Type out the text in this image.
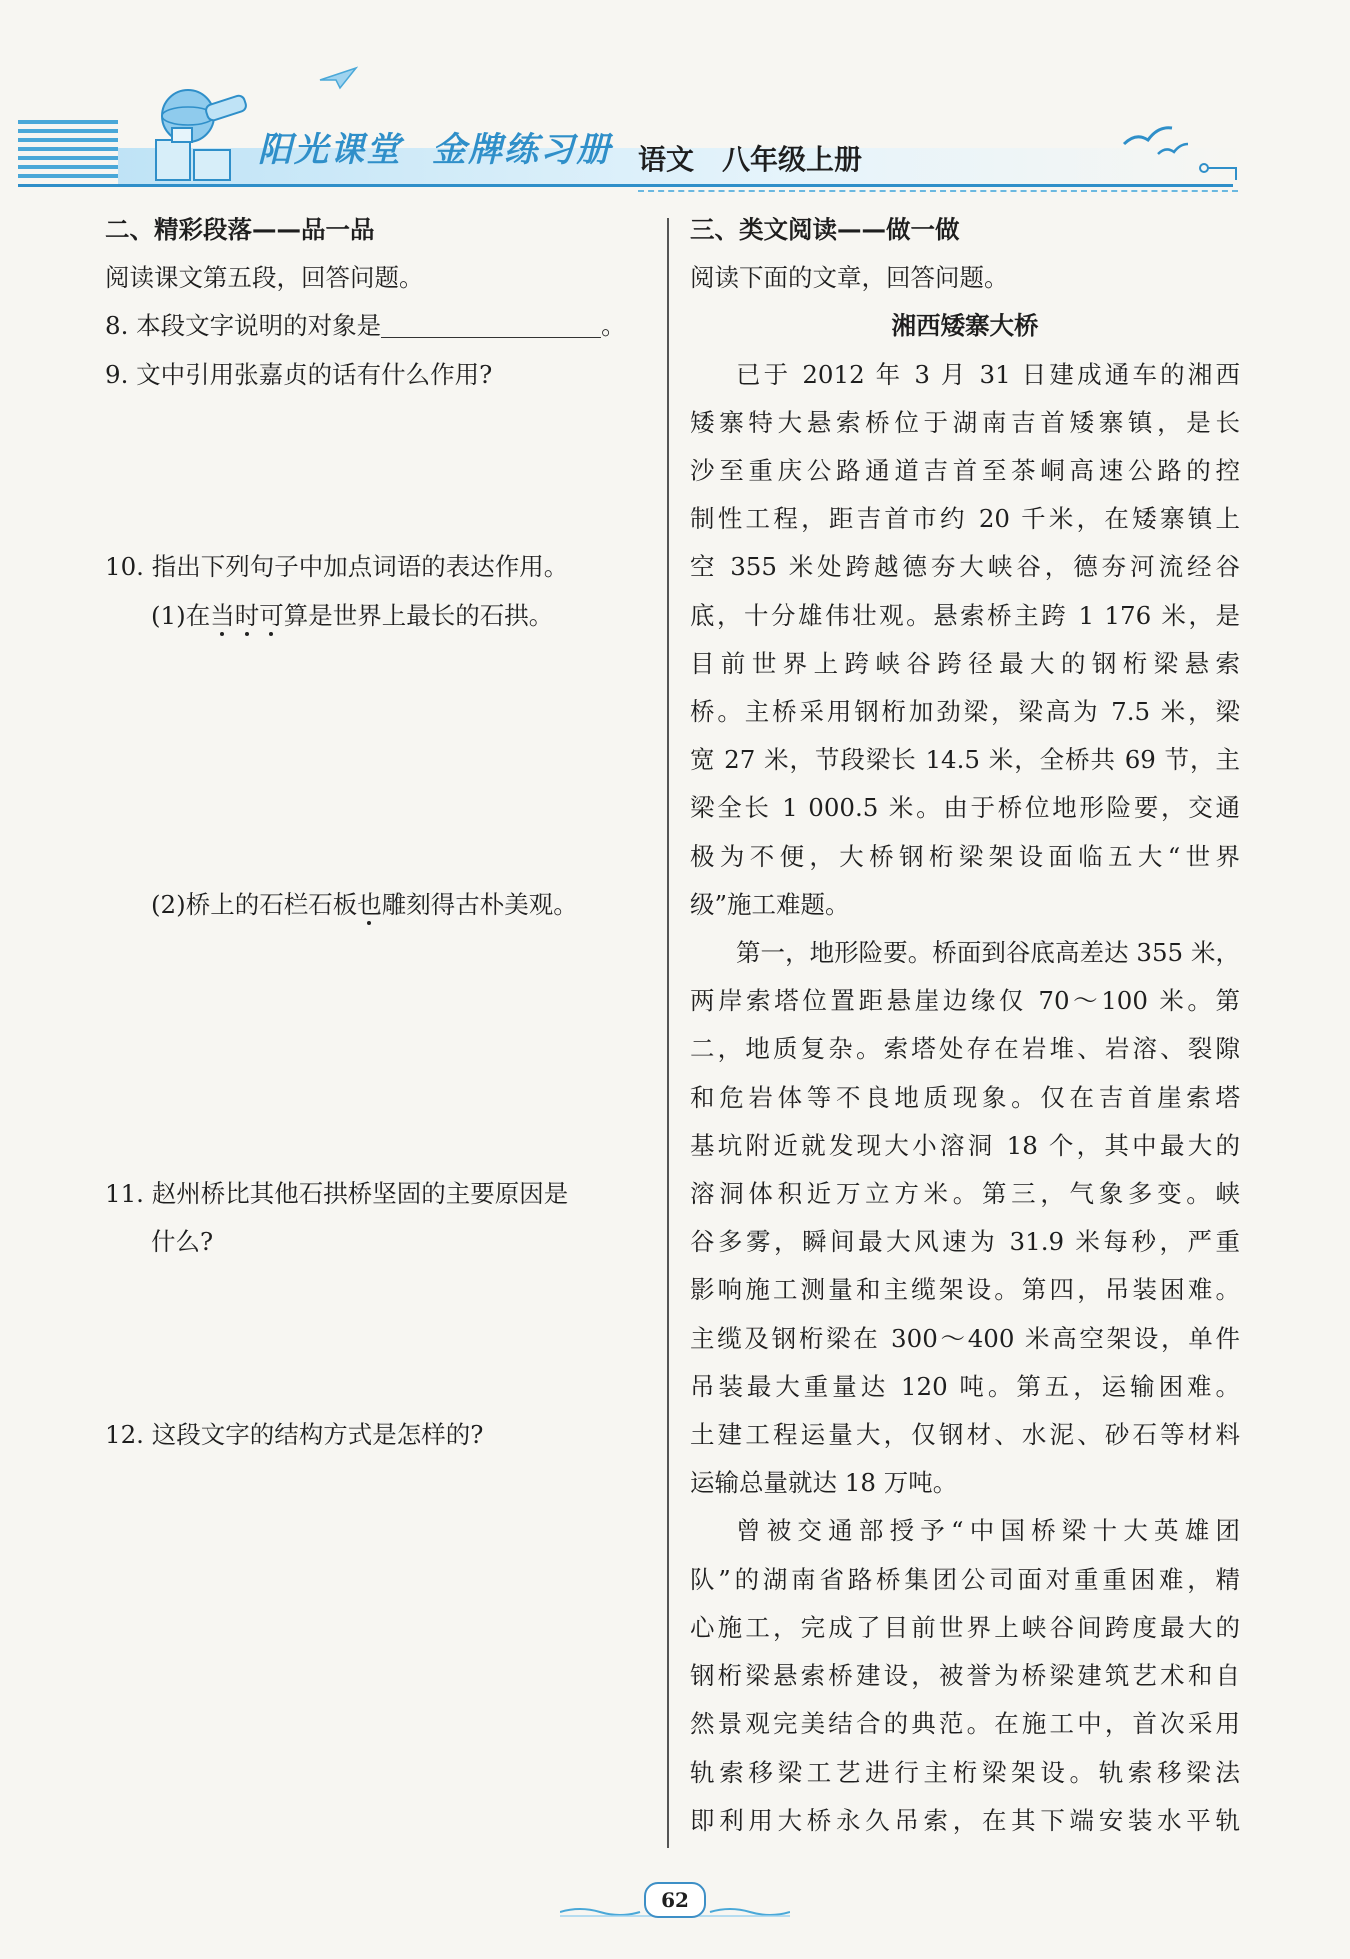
阳光课堂 金牌练习册 语文 八年级上册
二、精彩段落——品一品
阅读课文第五段，回答问题。
8. 本段文字说明的对象是	。
9. 文中引用张嘉贞的话有什么作用?
10. 指出下列句子中加点词语的表达作用。
(1)在当时可算是世界上最长的石拱。
(2)桥上的石栏石板也雕刻得古朴美观。
11. 赵州桥比其他石拱桥坚固的主要原因是
什么?
12. 这段文字的结构方式是怎样的?
三、类文阅读——做一做
阅读下面的文章，回答问题。
湘西矮寨大桥
已于 2012 年 3 月 31 日建成通车的湘西
矮寨特大悬索桥位于湖南吉首矮寨镇，是长
沙至重庆公路通道吉首至茶峒高速公路的控
制性工程，距吉首市约 20 千米，在矮寨镇上
空 355 米处跨越德夯大峡谷，德夯河流经谷
底，十分雄伟壮观。悬索桥主跨 1 176 米，是
目前世界上跨峡谷跨径最大的钢桁梁悬索
桥。主桥采用钢桁加劲梁，梁高为 7.5 米，梁
宽 27 米，节段梁长 14.5 米，全桥共 69 节，主
梁全长 1 000.5 米。由于桥位地形险要，交通
极为不便，大桥钢桁梁架设面临五大“世界
级”施工难题。
第一，地形险要。桥面到谷底高差达 355 米，
两岸索塔位置距悬崖边缘仅 70～100 米。第
二，地质复杂。索塔处存在岩堆、岩溶、裂隙
和危岩体等不良地质现象。仅在吉首崖索塔
基坑附近就发现大小溶洞 18 个，其中最大的
溶洞体积近万立方米。第三，气象多变。峡
谷多雾，瞬间最大风速为 31.9 米每秒，严重
影响施工测量和主缆架设。第四，吊装困难。
主缆及钢桁梁在 300～400 米高空架设，单件
吊装最大重量达 120 吨。第五，运输困难。
土建工程运量大，仅钢材、水泥、砂石等材料
运输总量就达 18 万吨。
曾被交通部授予“中国桥梁十大英雄团
队”的湖南省路桥集团公司面对重重困难，精
心施工，完成了目前世界上峡谷间跨度最大的
钢桁梁悬索桥建设，被誉为桥梁建筑艺术和自
然景观完美结合的典范。在施工中，首次采用
轨索移梁工艺进行主桁梁架设。轨索移梁法
即利用大桥永久吊索，在其下端安装水平轨
62
